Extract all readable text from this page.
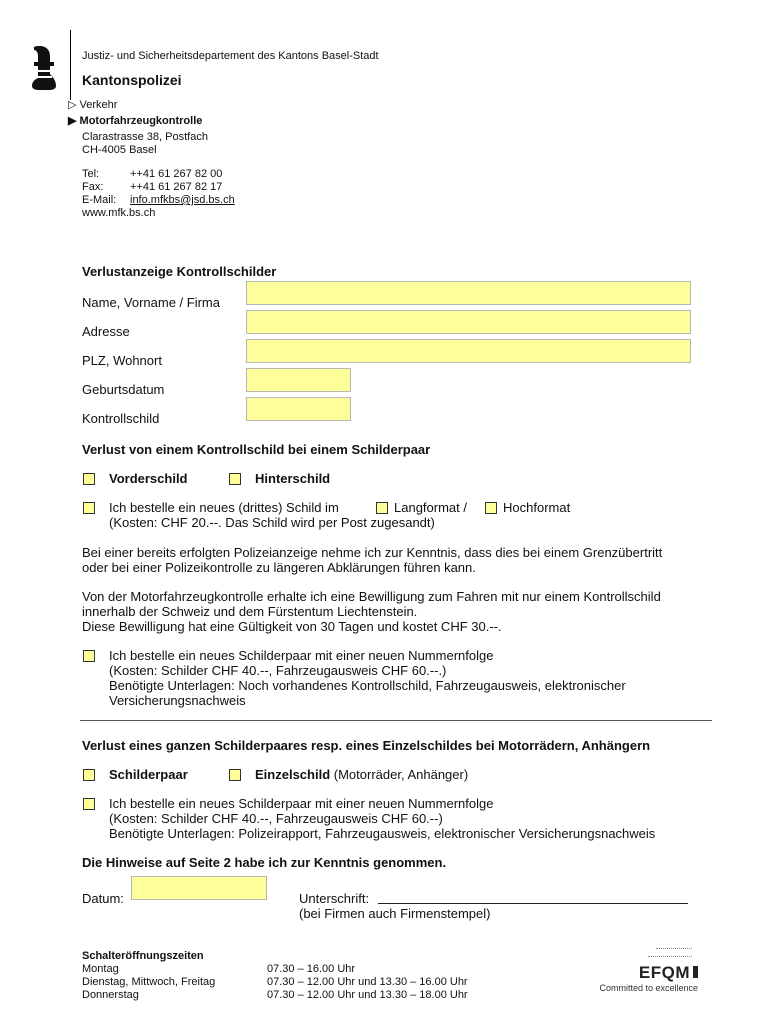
Justiz- und Sicherheitsdepartement des Kantons Basel-Stadt
Kantonspolizei
▷ Verkehr
▶ Motorfahrzeugkontrolle
Clarastrasse 38, Postfach
CH-4005 Basel
Tel:	++41 61 267 82 00
Fax: ++41 61 267 82 17
E-Mail: info.mfkbs@jsd.bs.ch
www.mfk.bs.ch
Verlustanzeige Kontrollschilder
Name, Vorname / Firma
Adresse
PLZ, Wohnort
Geburtsdatum
Kontrollschild
Verlust von einem Kontrollschild bei einem Schilderpaar
Vorderschild	Hinterschild
Ich bestelle ein neues (drittes) Schild im	Langformat /	Hochformat
(Kosten: CHF 20.--. Das Schild wird per Post zugesandt)
Bei einer bereits erfolgten Polizeianzeige nehme ich zur Kenntnis, dass dies bei einem Grenzübertritt
oder bei einer Polizeikontrolle zu längeren Abklärungen führen kann.
Von der Motorfahrzeugkontrolle erhalte ich eine Bewilligung zum Fahren mit nur einem Kontrollschild
innerhalb der Schweiz und dem Fürstentum Liechtenstein.
Diese Bewilligung hat eine Gültigkeit von 30 Tagen und kostet CHF 30.--.
Ich bestelle ein neues Schilderpaar mit einer neuen Nummernfolge
(Kosten: Schilder CHF 40.--, Fahrzeugausweis CHF 60.--.)
Benötigte Unterlagen: Noch vorhandenes Kontrollschild, Fahrzeugausweis, elektronischer
Versicherungsnachweis
Verlust eines ganzen Schilderpaares resp. eines Einzelschildes bei Motorrädern, Anhängern
Schilderpaar	Einzelschild (Motorräder, Anhänger)
Ich bestelle ein neues Schilderpaar mit einer neuen Nummernfolge
(Kosten: Schilder CHF 40.--, Fahrzeugausweis CHF 60.--)
Benötigte Unterlagen: Polizeirapport, Fahrzeugausweis, elektronischer Versicherungsnachweis
Die Hinweise auf Seite 2 habe ich zur Kenntnis genommen.
Datum:	Unterschrift:
(bei Firmen auch Firmenstempel)
Schalteröffnungszeiten
Montag	07.30 – 16.00 Uhr
Dienstag, Mittwoch, Freitag	07.30 – 12.00 Uhr und 13.30 – 16.00 Uhr
Donnerstag	07.30 – 12.00 Uhr und 13.30 – 18.00 Uhr
EFQM
Committed to excellence
